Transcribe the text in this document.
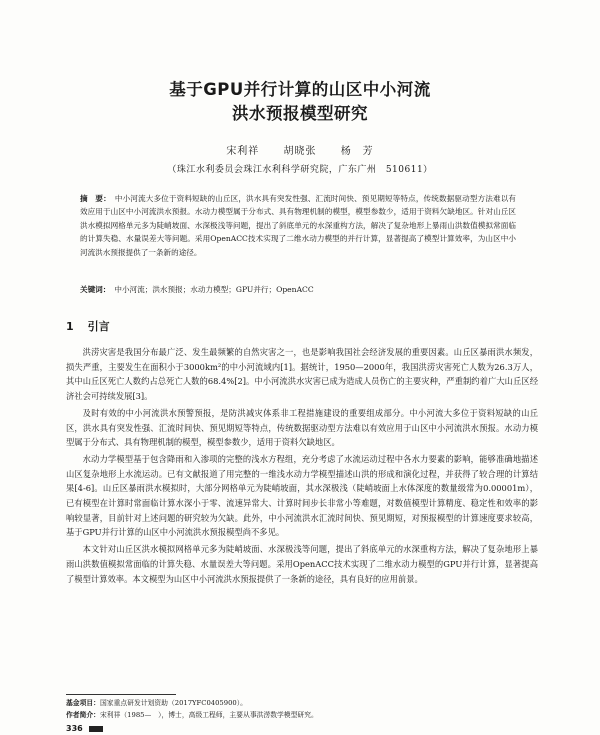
基于GPU并行计算的山区中小河流
洪水预报模型研究
宋利祥 胡晓张 杨　芳
（珠江水利委员会珠江水利科学研究院，广东广州　510611）
摘　要： 中小河流大多位于资料短缺的山丘区，洪水具有突发性强、汇流时间快、预见期短等特点，传统数据驱动型方法难以有效应用于山区中小河流洪水预报。水动力模型属于分布式、具有物理机制的模型，模型参数少，适用于资料欠缺地区。针对山丘区洪水模拟网格单元多为陡峭坡面、水深极浅等问题，提出了斜底单元的水深重构方法，解决了复杂地形上暴雨山洪数值模拟常面临的计算失稳、水量误差大等问题。采用OpenACC技术实现了二维水动力模型的并行计算，显著提高了模型计算效率，为山区中小河流洪水预报提供了一条新的途径。
关键词： 中小河流；洪水预报；水动力模型；GPU并行；OpenACC
1 引言

洪涝灾害是我国分布最广泛、发生最频繁的自然灾害之一，也是影响我国社会经济发展的重要因素。山丘区暴雨洪水频发，损失严重，主要发生在面积小于3000km²的中小河流域内[1]。据统计，1950—2000年，我国洪涝灾害死亡人数为26.3万人，其中山丘区死亡人数约占总死亡人数的68.4%[2]。中小河流洪水灾害已成为造成人员伤亡的主要灾种，严重制约着广大山丘区经济社会可持续发展[3]。

及时有效的中小河流洪水预警预报，是防洪减灾体系非工程措施建设的重要组成部分。中小河流大多位于资料短缺的山丘区，洪水具有突发性强、汇流时间快、预见期短等特点，传统数据驱动型方法难以有效应用于山区中小河流洪水预报。水动力模型属于分布式、具有物理机制的模型，模型参数少，适用于资料欠缺地区。

水动力学模型基于包含降雨和入渗项的完整的浅水方程组，充分考虑了水流运动过程中各水力要素的影响，能够准确地描述山区复杂地形上水流运动。已有文献报道了用完整的一维浅水动力学模型描述山洪的形成和演化过程，并获得了较合理的计算结果[4-6]。山丘区暴雨洪水模拟时，大部分网格单元为陡峭坡面，其水深极浅（陡峭坡面上水体深度的数量级常为0.00001m），已有模型在计算时常面临计算水深小于零、流速异常大、计算时间步长非常小等难题，对数值模型计算精度、稳定性和效率的影响较显著，目前针对上述问题的研究较为欠缺。此外，中小河流洪水汇流时间快、预见期短，对预报模型的计算速度要求较高，基于GPU并行计算的山区中小河流洪水预报模型尚不多见。

本文针对山丘区洪水模拟网格单元多为陡峭坡面、水深极浅等问题，提出了斜底单元的水深重构方法，解决了复杂地形上暴雨山洪数值模拟常面临的计算失稳、水量误差大等问题。采用OpenACC技术实现了二维水动力模型的GPU并行计算，显著提高了模型计算效率。本文模型为山区中小河流洪水预报提供了一条新的途径，具有良好的应用前景。

基金项目：国家重点研发计划资助（2017YFC0405900）。
作者简介：宋利祥（1985—　），博士，高级工程师，主要从事洪涝数学模型研究。
336
